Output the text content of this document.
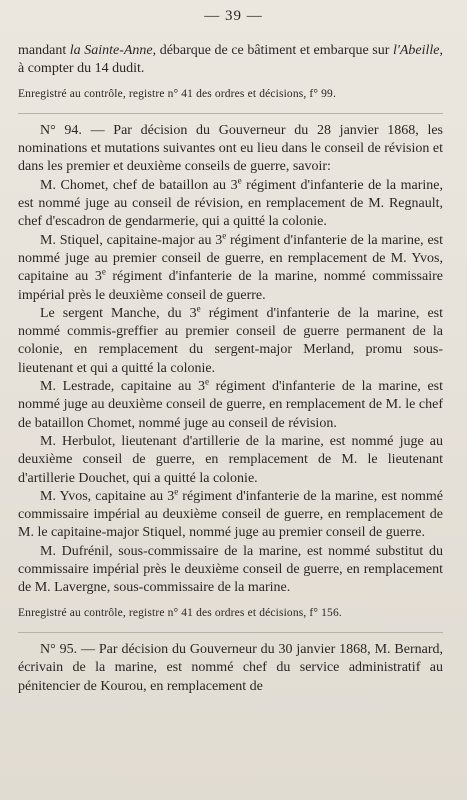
— 39 —

mandant la Sainte-Anne, débarque de ce bâtiment et embarque sur l'Abeille, à compter du 14 dudit.

Enregistré au contrôle, registre n° 41 des ordres et décisions, f° 99.

N° 94. — Par décision du Gouverneur du 28 janvier 1868, les nominations et mutations suivantes ont eu lieu dans le conseil de révision et dans les premier et deuxième conseils de guerre, savoir:

M. Chomet, chef de bataillon au 3e régiment d'infanterie de la marine, est nommé juge au conseil de révision, en remplacement de M. Regnault, chef d'escadron de gendarmerie, qui a quitté la colonie.

M. Stiquel, capitaine-major au 3e régiment d'infanterie de la marine, est nommé juge au premier conseil de guerre, en remplacement de M. Yvos, capitaine au 3e régiment d'infanterie de la marine, nommé commissaire impérial près le deuxième conseil de guerre.

Le sergent Manche, du 3e régiment d'infanterie de la marine, est nommé commis-greffier au premier conseil de guerre permanent de la colonie, en remplacement du sergent-major Merland, promu sous-lieutenant et qui a quitté la colonie.

M. Lestrade, capitaine au 3e régiment d'infanterie de la marine, est nommé juge au deuxième conseil de guerre, en remplacement de M. le chef de bataillon Chomet, nommé juge au conseil de révision.

M. Herbulot, lieutenant d'artillerie de la marine, est nommé juge au deuxième conseil de guerre, en remplacement de M. le lieutenant d'artillerie Douchet, qui a quitté la colonie.

M. Yvos, capitaine au 3e régiment d'infanterie de la marine, est nommé commissaire impérial au deuxième conseil de guerre, en remplacement de M. le capitaine-major Stiquel, nommé juge au premier conseil de guerre.

M. Dufrénil, sous-commissaire de la marine, est nommé substitut du commissaire impérial près le deuxième conseil de guerre, en remplacement de M. Lavergne, sous-commissaire de la marine.

Enregistré au contrôle, registre n° 41 des ordres et décisions, f° 156.

N° 95. — Par décision du Gouverneur du 30 janvier 1868, M. Bernard, écrivain de la marine, est nommé chef du service administratif au pénitencier de Kourou, en remplacement de
